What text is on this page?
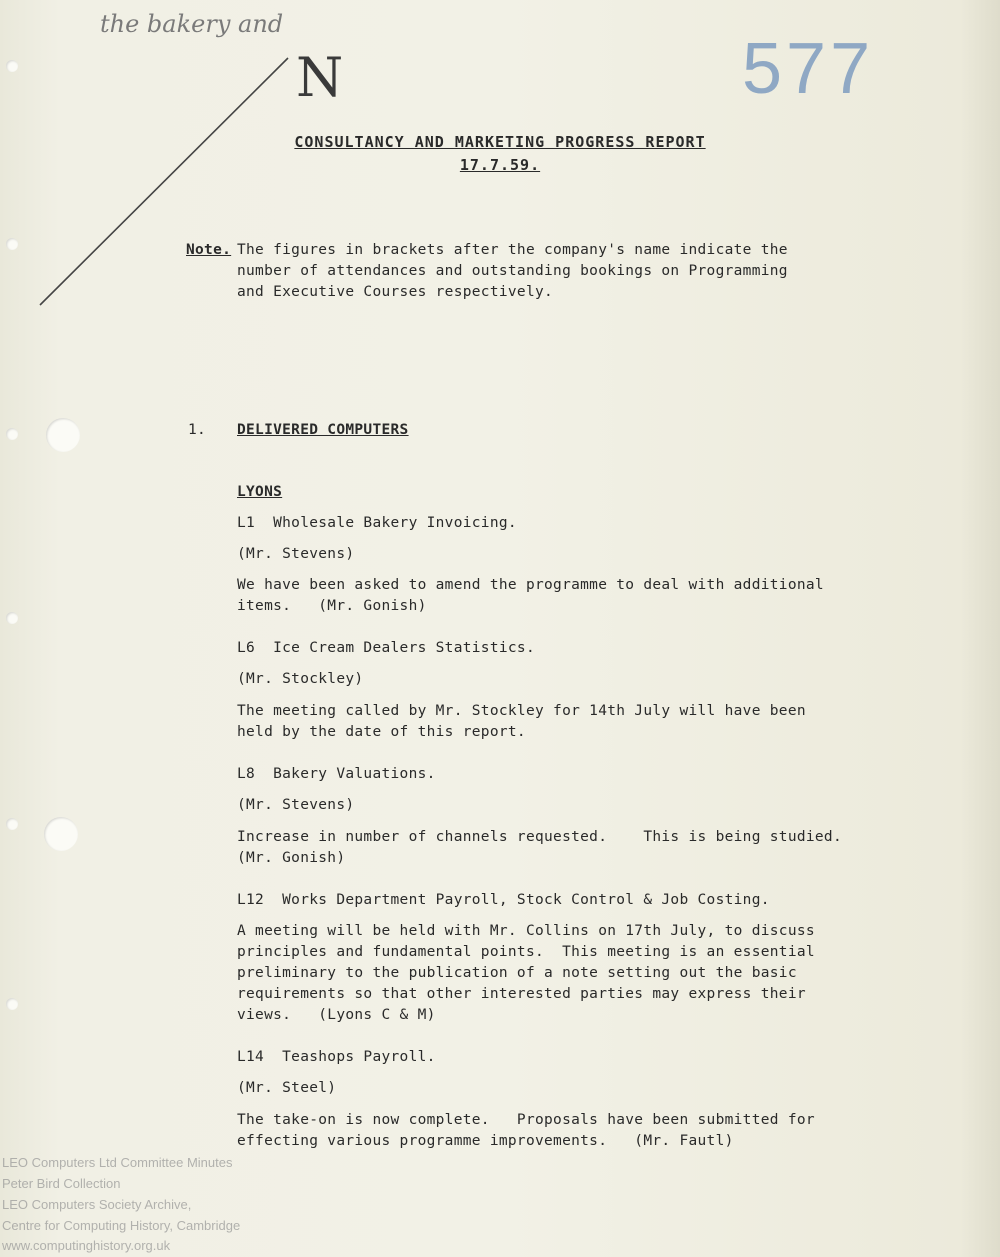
the bakery and
N	577
CONSULTANCY AND MARKETING PROGRESS REPORT
17.7.59.
Note. The figures in brackets after the company's name indicate the
number of attendances and outstanding bookings on Programming
and Executive Courses respectively.
1. DELIVERED COMPUTERS
LYONS
L1  Wholesale Bakery Invoicing.
(Mr. Stevens)
We have been asked to amend the programme to deal with additional
items.   (Mr. Gonish)
L6  Ice Cream Dealers Statistics.
(Mr. Stockley)
The meeting called by Mr. Stockley for 14th July will have been
held by the date of this report.
L8  Bakery Valuations.
(Mr. Stevens)
Increase in number of channels requested.    This is being studied.
(Mr. Gonish)
L12  Works Department Payroll, Stock Control & Job Costing.
A meeting will be held with Mr. Collins on 17th July, to discuss
principles and fundamental points.  This meeting is an essential
preliminary to the publication of a note setting out the basic
requirements so that other interested parties may express their
views.   (Lyons C & M)
L14  Teashops Payroll.
(Mr. Steel)
The take-on is now complete.   Proposals have been submitted for
effecting various programme improvements.   (Mr. Fautl)
LEO Computers Ltd Committee Minutes
Peter Bird Collection
LEO Computers Society Archive,
Centre for Computing History, Cambridge
www.computinghistory.org.uk
